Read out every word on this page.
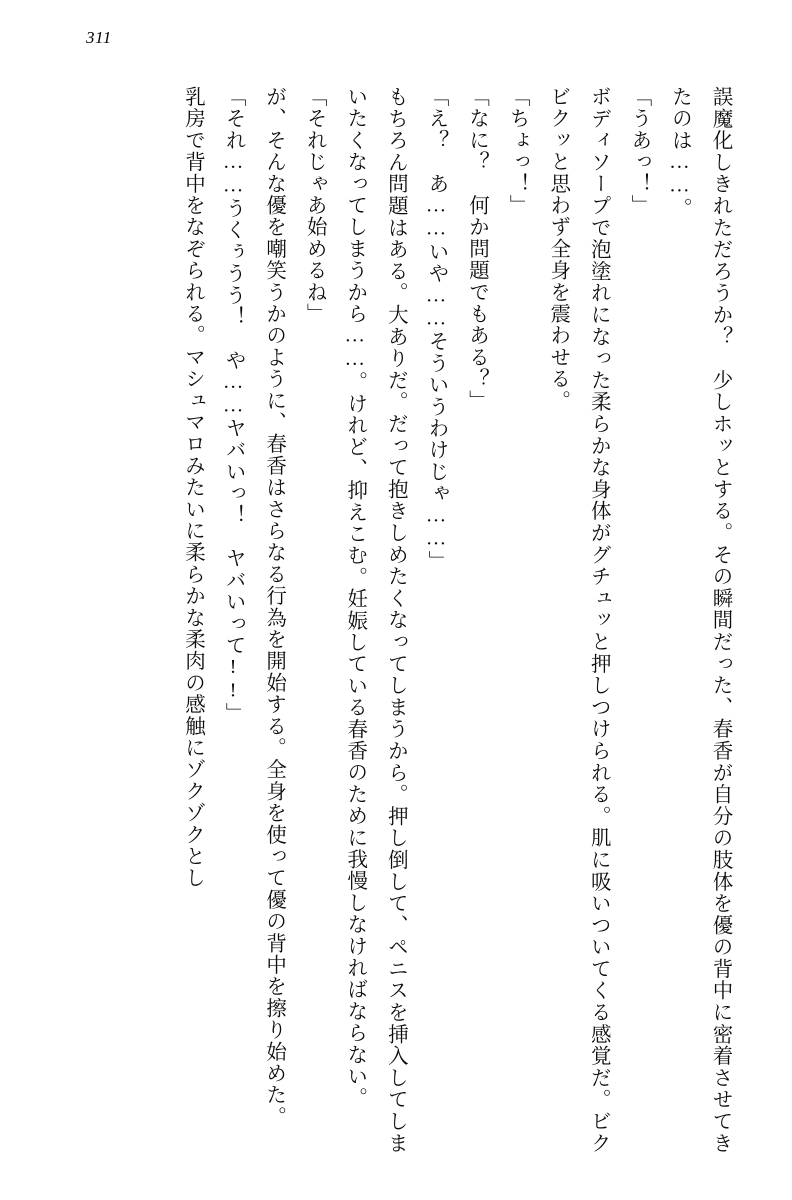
311

誤魔化しきれただろうか？　少しホッとする。その瞬間だった、春香が自分の肢体を優の背中に密着させてきたのは……。

「うあっ！」

ボディソープで泡塗れになった柔らかな身体がグチュッと押しつけられる。肌に吸いついてくる感覚だ。ビクビクッと思わず全身を震わせる。

「ちょっ！」

「なに？　何か問題でもある？」

「え？　あ……いや……そういうわけじゃ……」

もちろん問題はある。大ありだ。だって抱きしめたくなってしまうから。押し倒して、ペニスを挿入してしまいたくなってしまうから……。けれど、抑えこむ。妊娠している春香のために我慢しなければならない。

「それじゃあ始めるね」

が、そんな優を嘲笑うかのように、春香はさらなる行為を開始する。全身を使って優の背中を擦り始めた。

「それ……うくぅうう！　や……ヤバいっ！　ヤバいって!!」

乳房で背中をなぞられる。マシュマロみたいに柔らかな柔肉の感触にゾクゾクとし
